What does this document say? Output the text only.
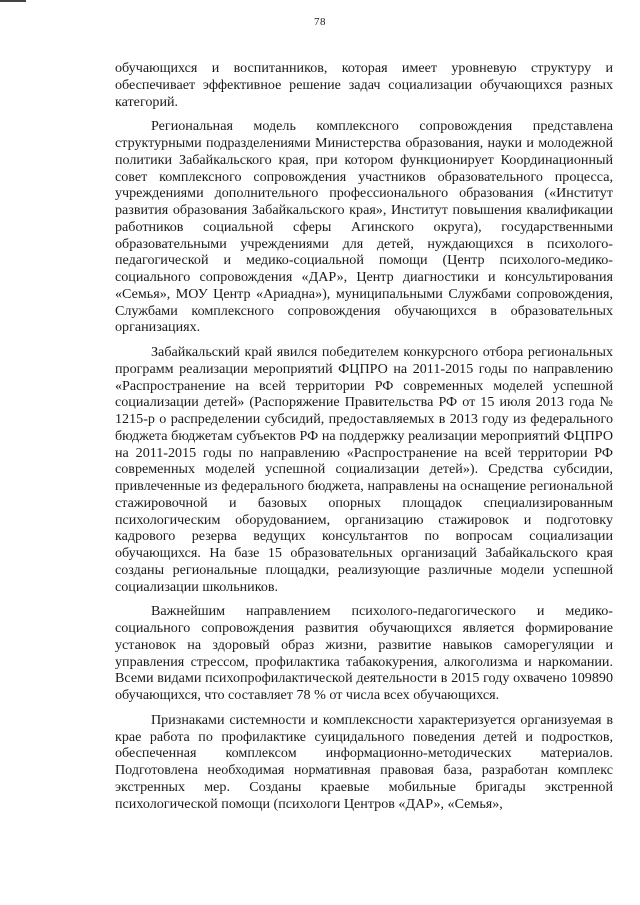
78

обучающихся и воспитанников, которая имеет уровневую структуру и обеспечивает эффективное решение задач социализации обучающихся разных категорий.

Региональная модель комплексного сопровождения представлена структурными подразделениями Министерства образования, науки и молодежной политики Забайкальского края, при котором функционирует Координационный совет комплексного сопровождения участников образовательного процесса, учреждениями дополнительного профессионального образования («Институт развития образования Забайкальского края», Институт повышения квалификации работников социальной сферы Агинского округа), государственными образовательными учреждениями для детей, нуждающихся в психолого-педагогической и медико-социальной помощи (Центр психолого-медико-социального сопровождения «ДАР», Центр диагностики и консультирования «Семья», МОУ Центр «Ариадна»), муниципальными Службами сопровождения, Службами комплексного сопровождения обучающихся в образовательных организациях.

Забайкальский край явился победителем конкурсного отбора региональных программ реализации мероприятий ФЦПРО на 2011-2015 годы по направлению «Распространение на всей территории РФ современных моделей успешной социализации детей» (Распоряжение Правительства РФ от 15 июля 2013 года № 1215-р о распределении субсидий, предоставляемых в 2013 году из федерального бюджета бюджетам субъектов РФ на поддержку реализации мероприятий ФЦПРО на 2011-2015 годы по направлению «Распространение на всей территории РФ современных моделей успешной социализации детей»). Средства субсидии, привлеченные из федерального бюджета, направлены на оснащение региональной стажировочной и базовых опорных площадок специализированным психологическим оборудованием, организацию стажировок и подготовку кадрового резерва ведущих консультантов по вопросам социализации обучающихся. На базе 15 образовательных организаций Забайкальского края созданы региональные площадки, реализующие различные модели успешной социализации школьников.

Важнейшим направлением психолого-педагогического и медико-социального сопровождения развития обучающихся является формирование установок на здоровый образ жизни, развитие навыков саморегуляции и управления стрессом, профилактика табакокурения, алкоголизма и наркомании. Всеми видами психопрофилактической деятельности в 2015 году охвачено 109890 обучающихся, что составляет 78 % от числа всех обучающихся.

Признаками системности и комплексности характеризуется организуемая в крае работа по профилактике суицидального поведения детей и подростков, обеспеченная комплексом информационно-методических материалов. Подготовлена необходимая нормативная правовая база, разработан комплекс экстренных мер. Созданы краевые мобильные бригады экстренной психологической помощи (психологи Центров «ДАР», «Семья»,
